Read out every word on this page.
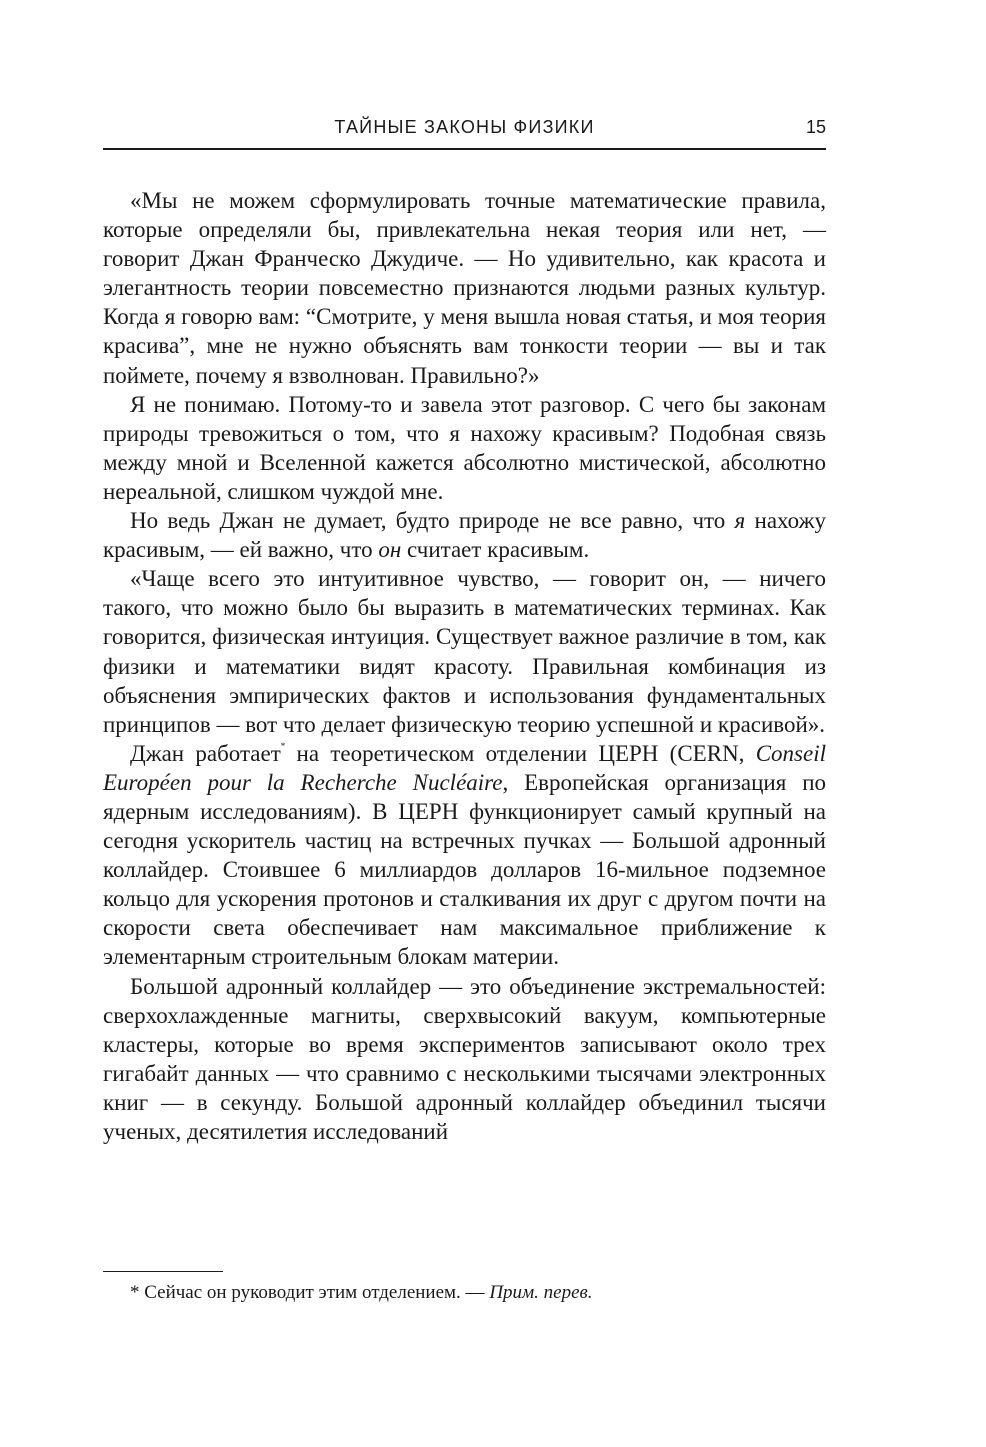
ТАЙНЫЕ ЗАКОНЫ ФИЗИКИ	15

«Мы не можем сформулировать точные математические правила, которые определяли бы, привлекательна некая теория или нет, — говорит Джан Франческо Джудиче. — Но удивительно, как красота и элегантность теории повсеместно признаются людьми разных культур. Когда я говорю вам: “Смотрите, у меня вышла новая статья, и моя теория красива”, мне не нужно объяснять вам тонкости теории — вы и так поймете, почему я взволнован. Правильно?»

Я не понимаю. Потому-то и завела этот разговор. С чего бы законам природы тревожиться о том, что я нахожу красивым? Подобная связь между мной и Вселенной кажется абсолютно мистической, абсолютно нереальной, слишком чуждой мне.

Но ведь Джан не думает, будто природе не все равно, что я нахожу красивым, — ей важно, что он считает красивым.

«Чаще всего это интуитивное чувство, — говорит он, — ничего такого, что можно было бы выразить в математических терминах. Как говорится, физическая интуиция. Существует важное различие в том, как физики и математики видят красоту. Правильная комбинация из объяснения эмпирических фактов и использования фундаментальных принципов — вот что делает физическую теорию успешной и красивой».

Джан работает* на теоретическом отделении ЦЕРН (CERN, Conseil Européen pour la Recherche Nucléaire, Европейская организация по ядерным исследованиям). В ЦЕРН функционирует самый крупный на сегодня ускоритель частиц на встречных пучках — Большой адронный коллайдер. Стоившее 6 миллиардов долларов 16-мильное подземное кольцо для ускорения протонов и сталкивания их друг с другом почти на скорости света обеспечивает нам максимальное приближение к элементарным строительным блокам материи.

Большой адронный коллайдер — это объединение экстремальностей: сверхохлажденные магниты, сверхвысокий вакуум, компьютерные кластеры, которые во время экспериментов записывают около трех гигабайт данных — что сравнимо с несколькими тысячами электронных книг — в секунду. Большой адронный коллайдер объединил тысячи ученых, десятилетия исследований

* Сейчас он руководит этим отделением. — Прим. перев.
